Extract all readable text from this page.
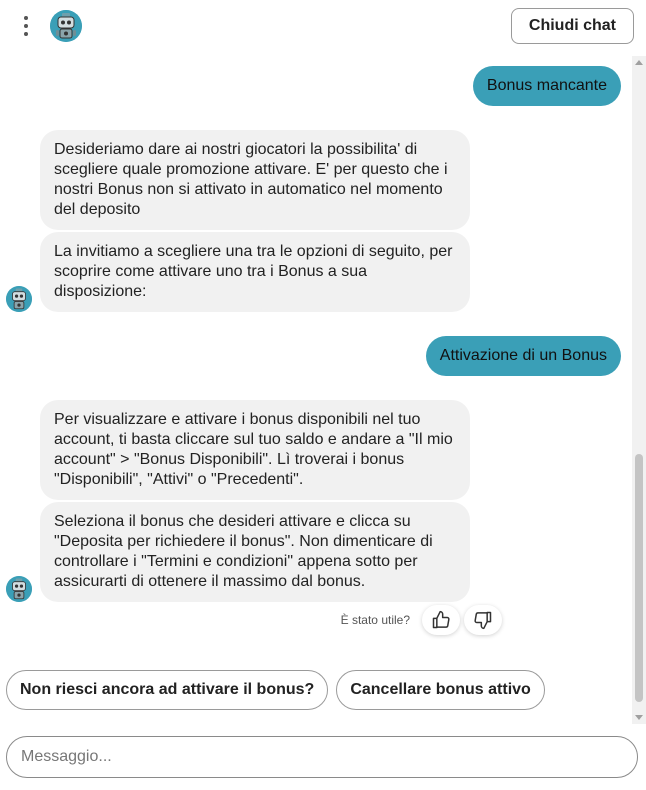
Chiudi chat
Bonus mancante
Desideriamo dare ai nostri giocatori la possibilita' di scegliere quale promozione attivare. E' per questo che i nostri Bonus non si attivato in automatico nel momento del deposito
La invitiamo a scegliere una tra le opzioni di seguito, per scoprire come attivare uno tra i Bonus a sua disposizione:
Attivazione di un Bonus
Per visualizzare e attivare i bonus disponibili nel tuo account, ti basta cliccare sul tuo saldo e andare a "Il mio account" > "Bonus Disponibili". Lì troverai i bonus "Disponibili", "Attivi" o "Precedenti".
Seleziona il bonus che desideri attivare e clicca su "Deposita per richiedere il bonus". Non dimenticare di controllare i "Termini e condizioni" appena sotto per assicurarti di ottenere il massimo dal bonus.
È stato utile?
Non riesci ancora ad attivare il bonus?	Cancellare bonus attivo
Messaggio...
